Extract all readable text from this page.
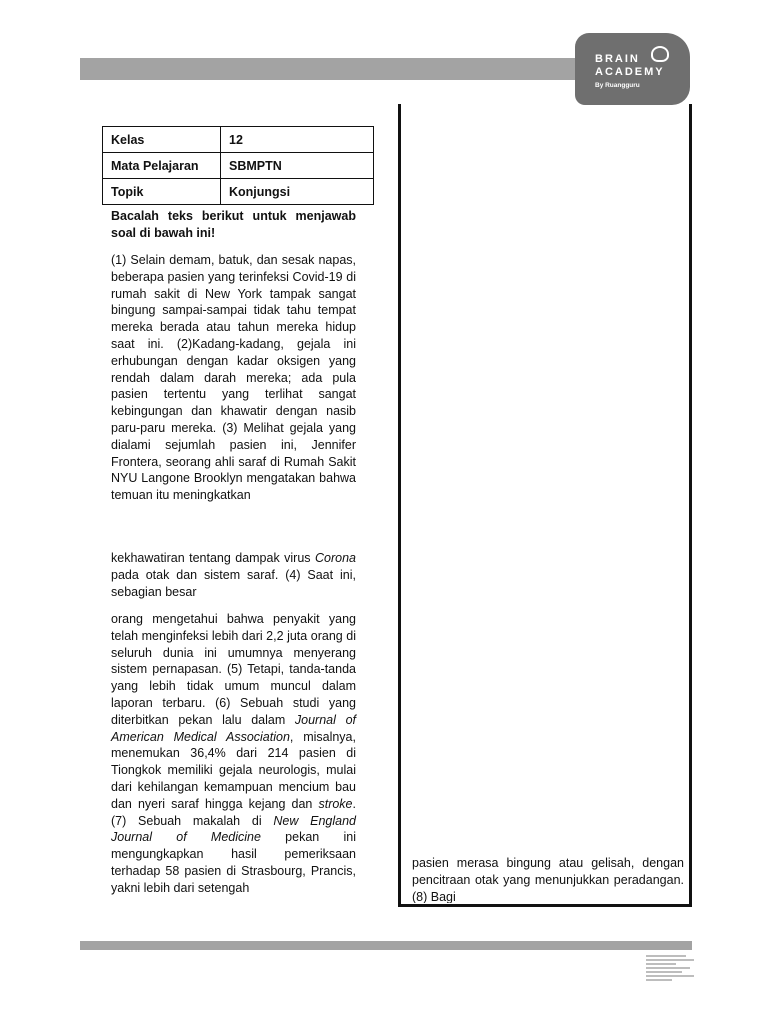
BRAIN
ACADEMY
By Ruangguru
Kelas	12
Mata Pelajaran	SBMPTN
Topik	Konjungsi
Bacalah teks berikut untuk menjawab soal di bawah ini!

(1) Selain demam, batuk, dan sesak napas, beberapa pasien yang terinfeksi Covid-19 di rumah sakit di New York tampak sangat bingung sampai-sampai tidak tahu tempat mereka berada atau tahun mereka hidup saat ini. (2)Kadang-kadang, gejala ini erhubungan dengan kadar oksigen yang rendah dalam darah mereka; ada pula pasien tertentu yang terlihat sangat kebingungan dan khawatir dengan nasib paru-paru mereka. (3) Melihat gejala yang dialami sejumlah pasien ini, Jennifer Frontera, seorang ahli saraf di Rumah Sakit NYU Langone Brooklyn mengatakan bahwa temuan itu meningkatkan

kekhawatiran tentang dampak virus Corona pada otak dan sistem saraf. (4) Saat ini, sebagian besar

orang mengetahui bahwa penyakit yang telah menginfeksi lebih dari 2,2 juta orang di seluruh dunia ini umumnya menyerang sistem pernapasan. (5) Tetapi, tanda-tanda yang lebih tidak umum muncul dalam laporan terbaru. (6) Sebuah studi yang diterbitkan pekan lalu dalam Journal of American Medical Association, misalnya, menemukan 36,4% dari 214 pasien di Tiongkok memiliki gejala neurologis, mulai dari kehilangan kemampuan mencium bau dan nyeri saraf hingga kejang dan stroke. (7) Sebuah makalah di New England Journal of Medicine pekan ini mengungkapkan hasil pemeriksaan terhadap 58 pasien di Strasbourg, Prancis, yakni lebih dari setengah

pasien merasa bingung atau gelisah, dengan pencitraan otak yang menunjukkan peradangan. (8) Bagi
